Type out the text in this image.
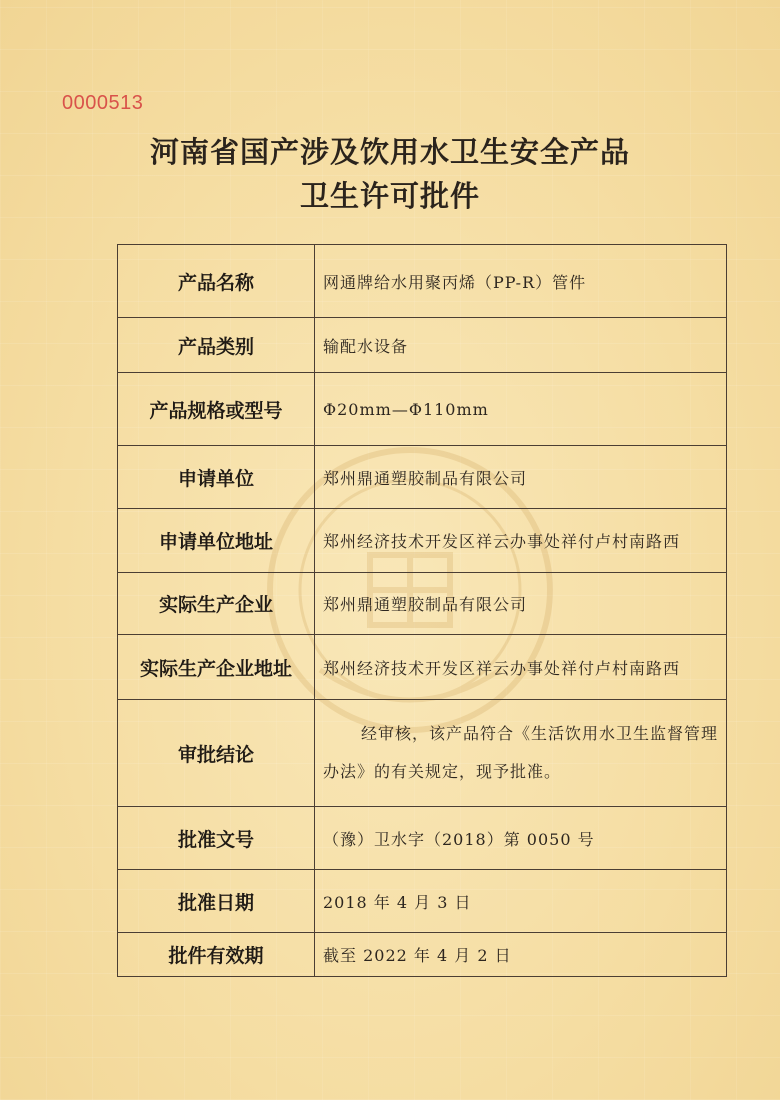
0000513
河南省国产涉及饮用水卫生安全产品
卫生许可批件
产品名称	网通牌给水用聚丙烯（PP-R）管件
产品类别	输配水设备
产品规格或型号	Φ20mm—Φ110mm
申请单位	郑州鼎通塑胶制品有限公司
申请单位地址	郑州经济技术开发区祥云办事处祥付卢村南路西
实际生产企业	郑州鼎通塑胶制品有限公司
实际生产企业地址	郑州经济技术开发区祥云办事处祥付卢村南路西
审批结论	经审核，该产品符合《生活饮用水卫生监督管理办法》的有关规定，现予批准。
批准文号	（豫）卫水字（2018）第 0050 号
批准日期	2018 年 4 月 3 日
批件有效期	截至 2022 年 4 月 2 日
